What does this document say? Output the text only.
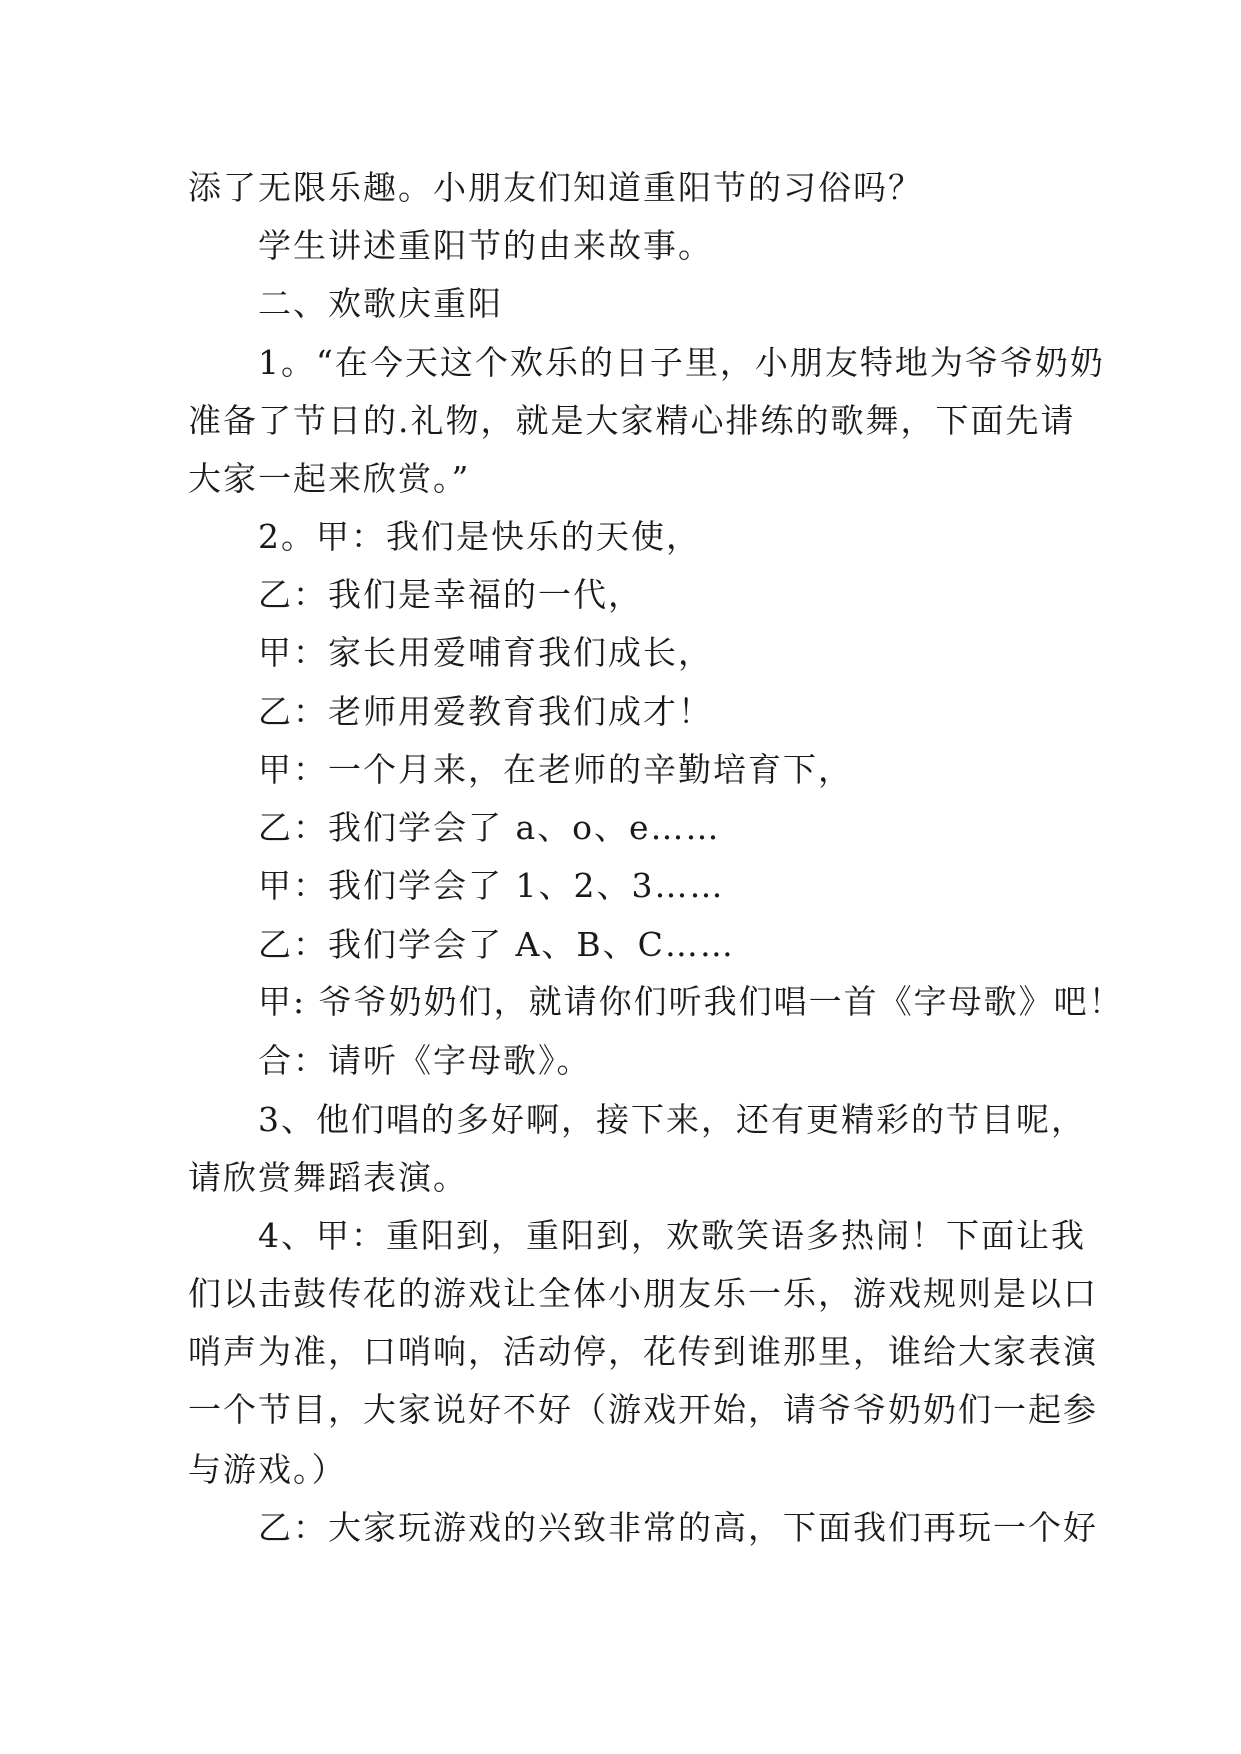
添了无限乐趣。小朋友们知道重阳节的习俗吗？
学生讲述重阳节的由来故事。
二、欢歌庆重阳
1。“在今天这个欢乐的日子里，小朋友特地为爷爷奶奶
准备了节日的.礼物，就是大家精心排练的歌舞，下面先请
大家一起来欣赏。”
2。甲：我们是快乐的天使，
乙：我们是幸福的一代，
甲：家长用爱哺育我们成长，
乙：老师用爱教育我们成才！
甲：一个月来，在老师的辛勤培育下，
乙：我们学会了 a、o、e……
甲：我们学会了 1、2、3……
乙：我们学会了 A、B、C……
甲: 爷爷奶奶们，就请你们听我们唱一首《字母歌》吧！
合：请听《字母歌》。
3、他们唱的多好啊，接下来，还有更精彩的节目呢，
请欣赏舞蹈表演。
4、甲：重阳到，重阳到，欢歌笑语多热闹！下面让我
们以击鼓传花的游戏让全体小朋友乐一乐，游戏规则是以口
哨声为准，口哨响，活动停，花传到谁那里，谁给大家表演
一个节目，大家说好不好（游戏开始，请爷爷奶奶们一起参
与游戏。）
乙：大家玩游戏的兴致非常的高，下面我们再玩一个好
